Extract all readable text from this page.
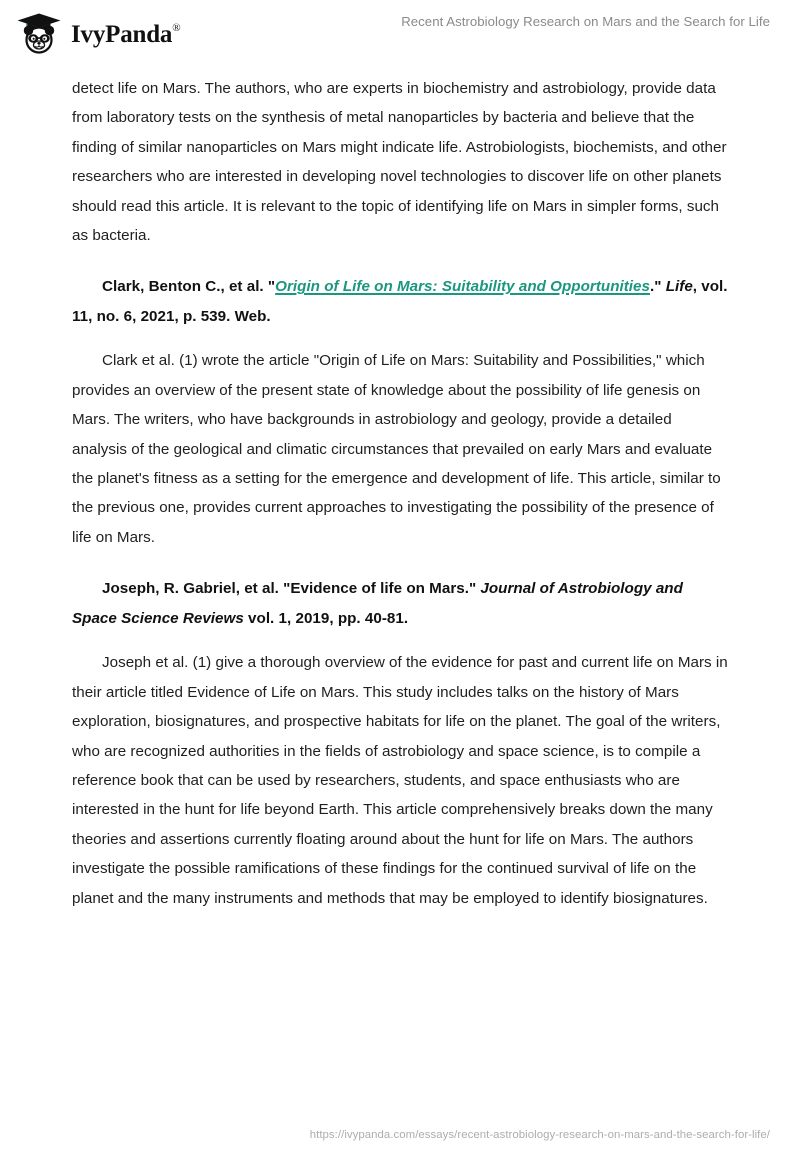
IvyPanda®	Recent Astrobiology Research on Mars and the Search for Life

detect life on Mars. The authors, who are experts in biochemistry and astrobiology, provide data from laboratory tests on the synthesis of metal nanoparticles by bacteria and believe that the finding of similar nanoparticles on Mars might indicate life. Astrobiologists, biochemists, and other researchers who are interested in developing novel technologies to discover life on other planets should read this article. It is relevant to the topic of identifying life on Mars in simpler forms, such as bacteria.

Clark, Benton C., et al. "Origin of Life on Mars: Suitability and Opportunities." Life, vol. 11, no. 6, 2021, p. 539. Web.

Clark et al. (1) wrote the article "Origin of Life on Mars: Suitability and Possibilities," which provides an overview of the present state of knowledge about the possibility of life genesis on Mars. The writers, who have backgrounds in astrobiology and geology, provide a detailed analysis of the geological and climatic circumstances that prevailed on early Mars and evaluate the planet's fitness as a setting for the emergence and development of life. This article, similar to the previous one, provides current approaches to investigating the possibility of the presence of life on Mars.

Joseph, R. Gabriel, et al. "Evidence of life on Mars." Journal of Astrobiology and Space Science Reviews vol. 1, 2019, pp. 40-81.

Joseph et al. (1) give a thorough overview of the evidence for past and current life on Mars in their article titled Evidence of Life on Mars. This study includes talks on the history of Mars exploration, biosignatures, and prospective habitats for life on the planet. The goal of the writers, who are recognized authorities in the fields of astrobiology and space science, is to compile a reference book that can be used by researchers, students, and space enthusiasts who are interested in the hunt for life beyond Earth. This article comprehensively breaks down the many theories and assertions currently floating around about the hunt for life on Mars. The authors investigate the possible ramifications of these findings for the continued survival of life on the planet and the many instruments and methods that may be employed to identify biosignatures.

https://ivypanda.com/essays/recent-astrobiology-research-on-mars-and-the-search-for-life/
